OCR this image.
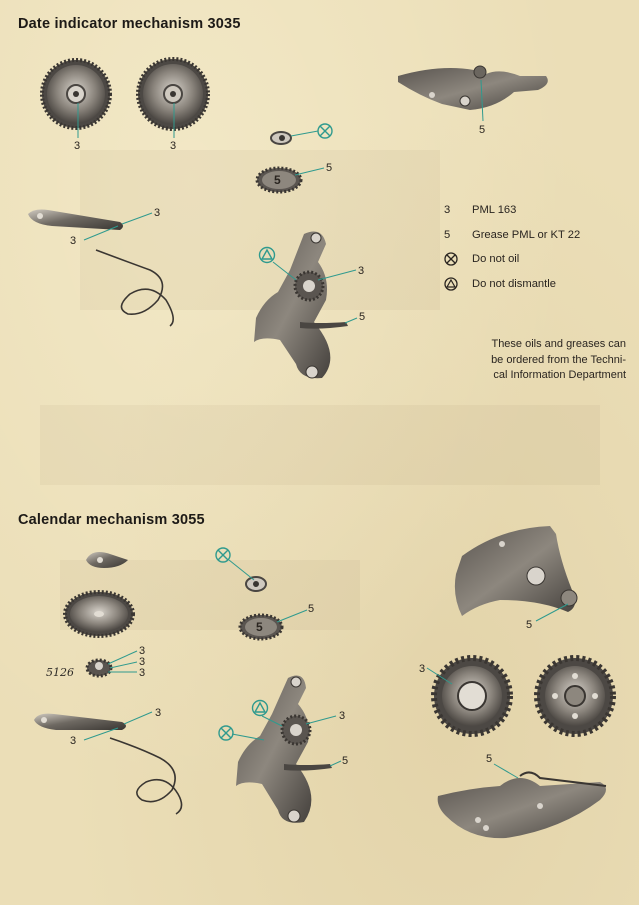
Date indicator mechanism 3035
Calendar mechanism 3055
3	3
5
5
5
3
3
3
5
5
5
3
3
3
3
3
3
5
5
3
5
5126
3	PML 163
5	Grease PML or KT 22
Do not oil
Do not dismantle
These oils and greases can
be ordered from the Techni-
cal Information Department
